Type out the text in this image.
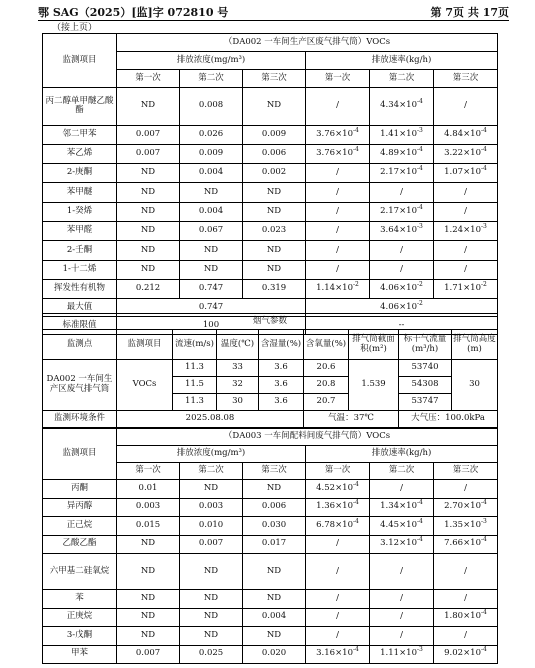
鄂 SAG（2025）[监]字 072810 号	第 7页 共 17页
（接上页）
监测项目	（DA002 一车间生产区废气排气筒）VOCs					
	排放浓度(mg/m³)			排放速率(kg/h)		
	第一次	第二次	第三次	第一次	第二次	第三次
丙二醇单甲醚乙酸酯	ND	0.008	ND	/	$4.34\times 10^{-4}$	/
邻二甲苯	0.007	0.026	0.009	$3.76\times 10^{-4}$	$1.41\times 10^{-3}$	$4.84\times 10^{-4}$
苯乙烯	0.007	0.009	0.006	$3.76\times 10^{-4}$	$4.89\times 10^{-4}$	$3.22\times 10^{-4}$
2-庚酮	ND	0.004	0.002	/	$2.17\times 10^{-4}$	$1.07\times 10^{-4}$
苯甲醚	ND	ND	ND	/	/	/
1-癸烯	ND	0.004	ND	/	$2.17\times 10^{-4}$	/
苯甲醛	ND	0.067	0.023	/	$3.64\times 10^{-3}$	$1.24\times 10^{-3}$
2-壬酮	ND	ND	ND	/	/	/
1-十二烯	ND	ND	ND	/	/	/
挥发性有机物	0.212	0.747	0.319	$1.14\times 10^{-2}$	$4.06\times 10^{-2}$	$1.71\times 10^{-2}$
最大值	0.747			$4.06\times 10^{-2}$
标准限值	100			--		
烟气参数								
监测点	监测项目	流速(m/s)	温度(℃)	含湿量(%)	含氧量(%)	排气筒截面积(m²)	标干气流量(m³/h)	排气筒高度(m)
DA002 一车间生产区废气排气筒	VOCs	11.3	33	3.6	20.6	1.539	53740	30
		11.5	32	3.6	20.8		54308	
		11.3	30	3.6	20.7		53747	
监测环境条件	2025.08.08				气温：37℃		大气压：100.0kPa	
监测项目	（DA003 一车间配料间废气排气筒）VOCs					
	排放浓度(mg/m³)			排放速率(kg/h)		
	第一次	第二次	第三次	第一次	第二次	第三次
丙酮	0.01	ND	ND	$4.52\times 10^{-4}$	/	/
异丙醇	0.003	0.003	0.006	$1.36\times 10^{-4}$	$1.34\times 10^{-4}$	$2.70\times 10^{-4}$
正己烷	0.015	0.010	0.030	$6.78\times 10^{-4}$	$4.45\times 10^{-4}$	$1.35\times 10^{-3}$
乙酸乙酯	ND	0.007	0.017	/	$3.12\times 10^{-4}$	$7.66\times 10^{-4}$
六甲基二硅氧烷	ND	ND	ND	/	/	/
苯	ND	ND	ND	/	/	/
正庚烷	ND	ND	0.004	/	/	$1.80\times 10^{-4}$
3-戊酮	ND	ND	ND	/	/	/
甲苯	0.007	0.025	0.020	$3.16\times 10^{-4}$	$1.11\times 10^{-3}$	$9.02\times 10^{-4}$
